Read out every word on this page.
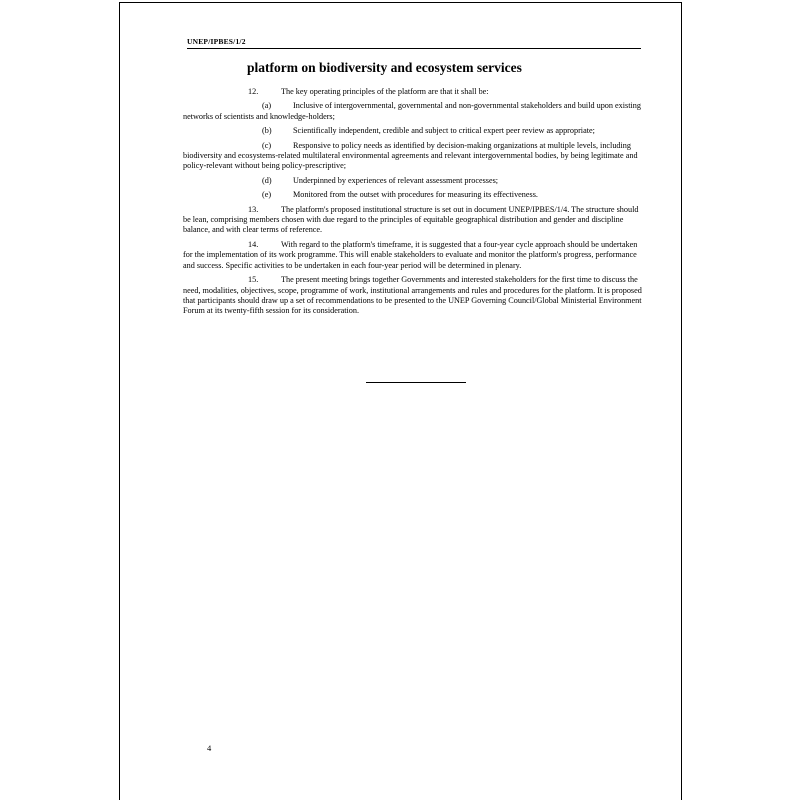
UNEP/IPBES/1/2
platform on biodiversity and ecosystem services

12.	The key operating principles of the platform are that it shall be:

(a)	Inclusive of intergovernmental, governmental and non-governmental stakeholders and build upon existing networks of scientists and knowledge-holders;

(b)	Scientifically independent, credible and subject to critical expert peer review as appropriate;

(c)	Responsive to policy needs as identified by decision-making organizations at multiple levels, including biodiversity and ecosystems-related multilateral environmental agreements and relevant intergovernmental bodies, by being legitimate and policy-relevant without being policy-prescriptive;

(d)	Underpinned by experiences of relevant assessment processes;

(e)	Monitored from the outset with procedures for measuring its effectiveness.

13.	The platform's proposed institutional structure is set out in document UNEP/IPBES/1/4. The structure should be lean, comprising members chosen with due regard to the principles of equitable geographical distribution and gender and discipline balance, and with clear terms of reference.

14.	With regard to the platform's timeframe, it is suggested that a four-year cycle approach should be undertaken for the implementation of its work programme. This will enable stakeholders to evaluate and monitor the platform's progress, performance and success. Specific activities to be undertaken in each four-year period will be determined in plenary.

15.	The present meeting brings together Governments and interested stakeholders for the first time to discuss the need, modalities, objectives, scope, programme of work, institutional arrangements and rules and procedures for the platform. It is proposed that participants should draw up a set of recommendations to be presented to the UNEP Governing Council/Global Ministerial Environment Forum at its twenty-fifth session for its consideration.

4
